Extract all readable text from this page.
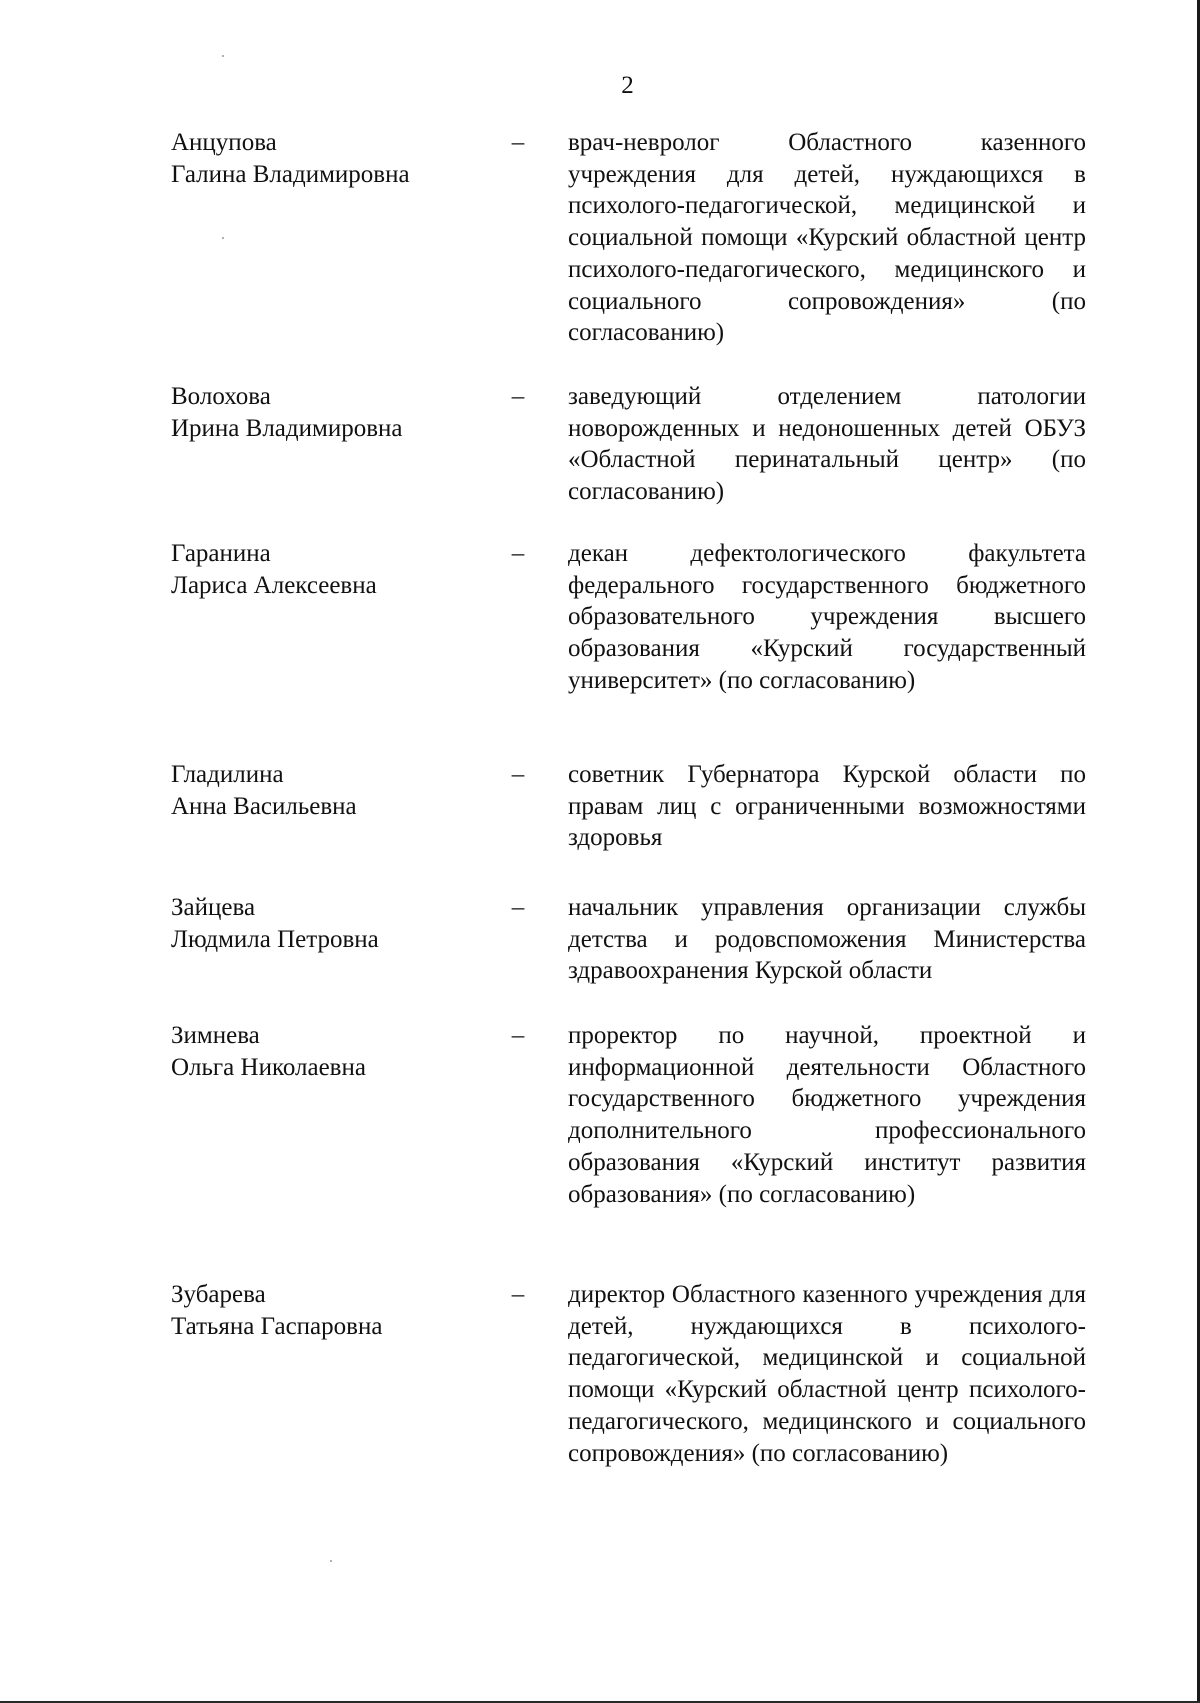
2
Анцупова
Галина Владимировна
– врач-невролог Областного казенного учреждения для детей, нуждающихся в психолого-педагогической, медицинской и социальной помощи «Курский областной центр психолого-педагогического, медицинского и социального сопровождения» (по согласованию)
Волохова
Ирина Владимировна
– заведующий отделением патологии новорожденных и недоношенных детей ОБУЗ «Областной перинатальный центр» (по согласованию)
Гаранина
Лариса Алексеевна
– декан дефектологического факультета федерального государственного бюджетного образовательного учреждения высшего образования «Курский государственный университет» (по согласованию)
Гладилина
Анна Васильевна
– советник Губернатора Курской области по правам лиц с ограниченными возможностями здоровья
Зайцева
Людмила Петровна
– начальник управления организации службы детства и родовспоможения Министерства здравоохранения Курской области
Зимнева
Ольга Николаевна
– проректор по научной, проектной и информационной деятельности Областного государственного бюджетного учреждения дополнительного профессионального образования «Курский институт развития образования» (по согласованию)
Зубарева
Татьяна Гаспаровна
– директор Областного казенного учреждения для детей, нуждающихся в психолого-педагогической, медицинской и социальной помощи «Курский областной центр психолого-педагогического, медицинского и социального сопровождения» (по согласованию)
